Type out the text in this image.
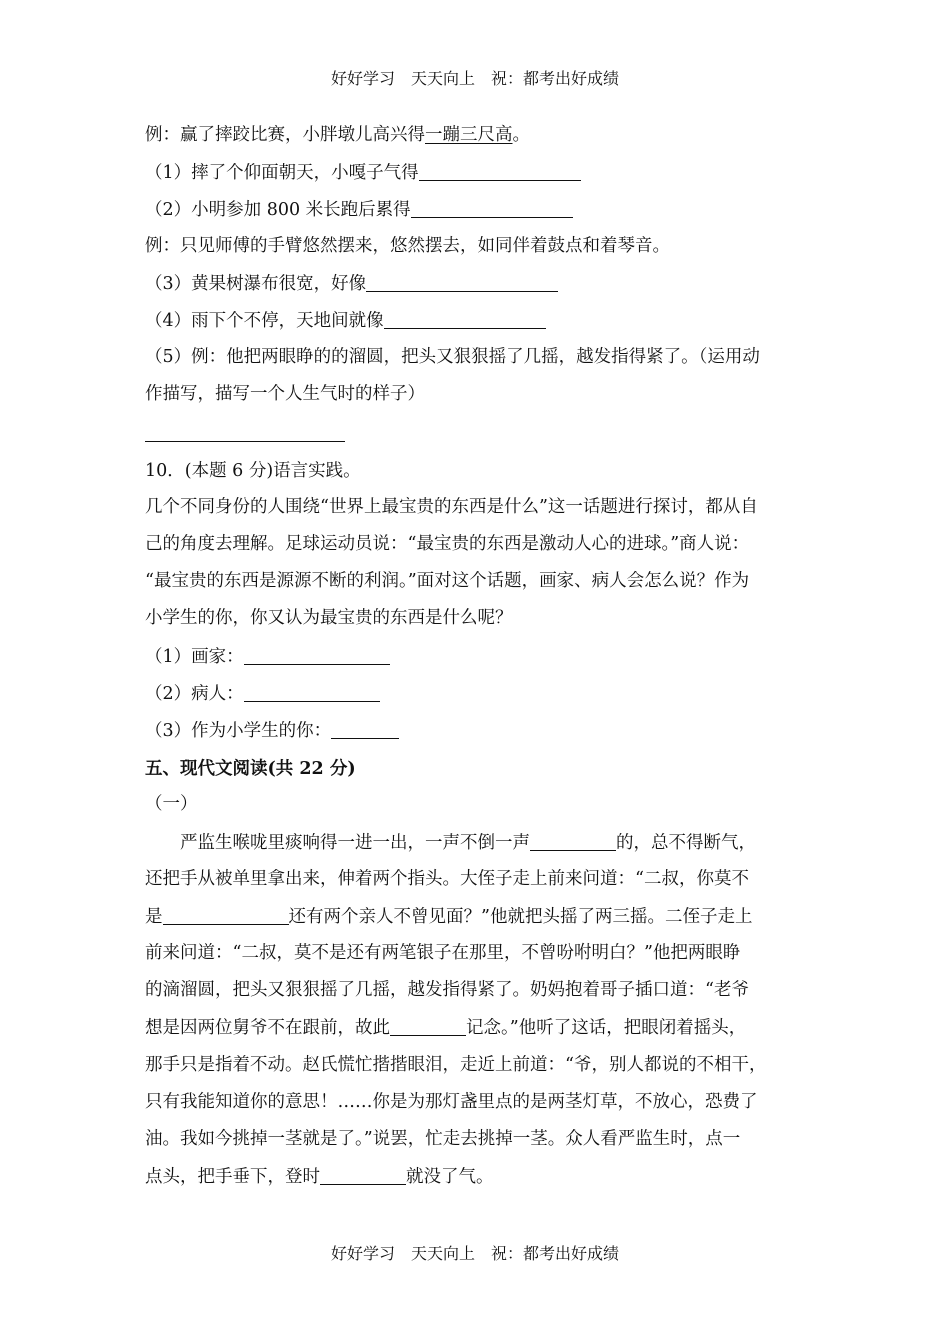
好好学习　天天向上　祝：都考出好成绩
例：赢了摔跤比赛，小胖墩儿高兴得一蹦三尺高。
（1）摔了个仰面朝天，小嘎子气得
（2）小明参加 800 米长跑后累得
例：只见师傅的手臂悠然摆来，悠然摆去，如同伴着鼓点和着琴音。
（3）黄果树瀑布很宽，好像
（4）雨下个不停，天地间就像
（5）例：他把两眼睁的的溜圆，把头又狠狠摇了几摇，越发指得紧了。（运用动
作描写，描写一个人生气时的样子）
10．(本题 6 分)语言实践。
几个不同身份的人围绕“世界上最宝贵的东西是什么”这一话题进行探讨，都从自
己的角度去理解。足球运动员说：“最宝贵的东西是激动人心的进球。”商人说：
“最宝贵的东西是源源不断的利润。”面对这个话题，画家、病人会怎么说？作为
小学生的你，你又认为最宝贵的东西是什么呢？
（1）画家：
（2）病人：
（3）作为小学生的你：
五、现代文阅读(共 22 分)
（一）
严监生喉咙里痰响得一进一出，一声不倒一声	的，总不得断气，
还把手从被单里拿出来，伸着两个指头。大侄子走上前来问道：“二叔，你莫不
是	还有两个亲人不曾见面？”他就把头摇了两三摇。二侄子走上
前来问道：“二叔，莫不是还有两笔银子在那里，不曾吩咐明白？”他把两眼睁
的滴溜圆，把头又狠狠摇了几摇，越发指得紧了。奶妈抱着哥子插口道：“老爷
想是因两位舅爷不在跟前，故此	记念。”他听了这话，把眼闭着摇头，
那手只是指着不动。赵氏慌忙揩揩眼泪，走近上前道：“爷，别人都说的不相干，
只有我能知道你的意思！……你是为那灯盏里点的是两茎灯草，不放心，恐费了
油。我如今挑掉一茎就是了。”说罢，忙走去挑掉一茎。众人看严监生时，点一
点头，把手垂下，登时	就没了气。
好好学习　天天向上　祝：都考出好成绩
